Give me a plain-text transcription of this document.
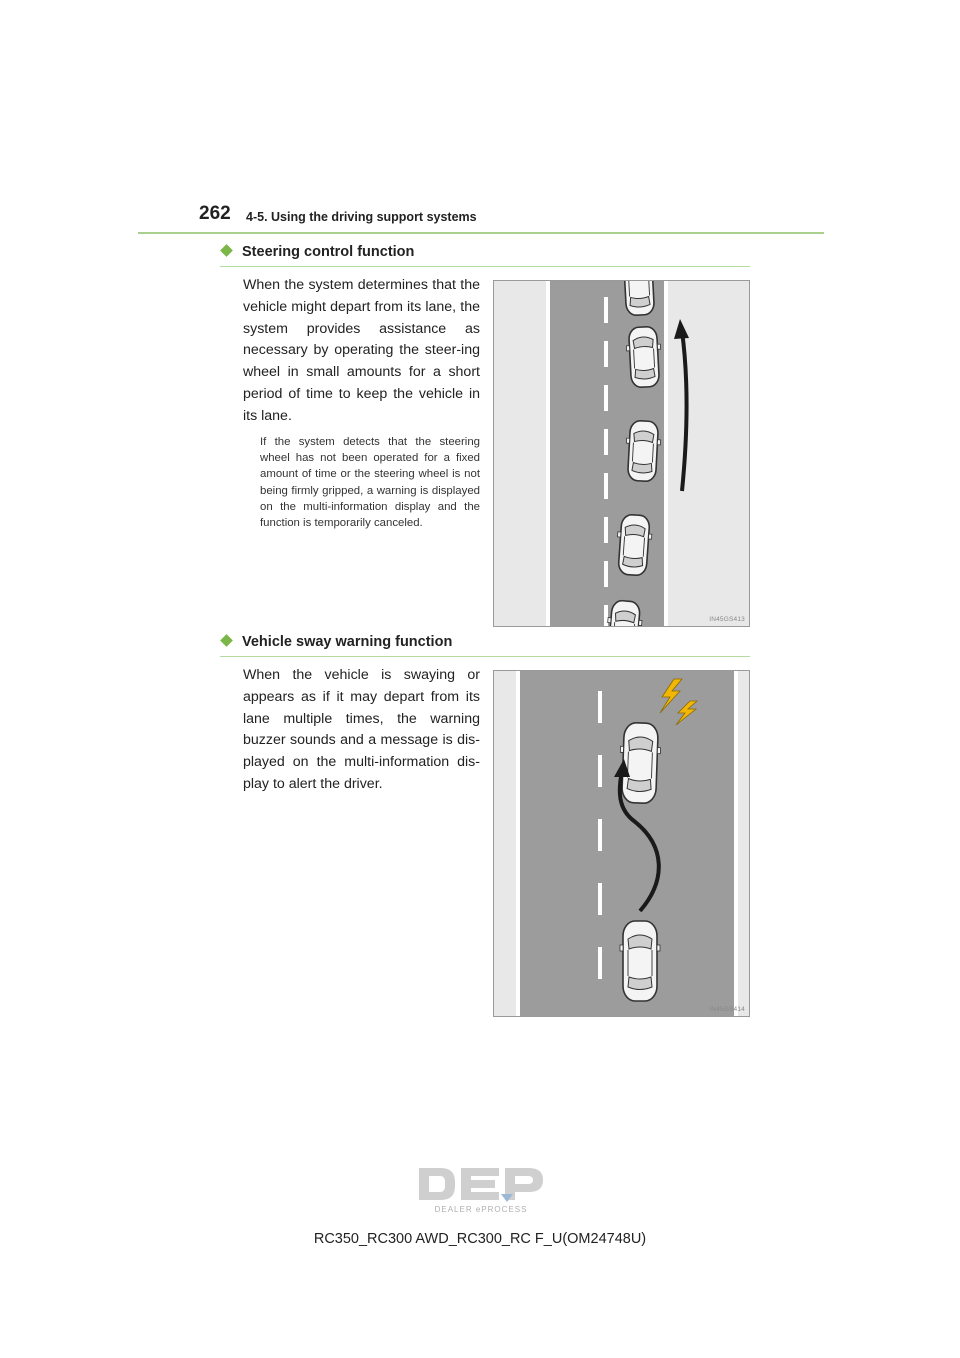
262 4-5. Using the driving support systems
Steering control function

When the system determines that the vehicle might depart from its lane, the system provides assistance as necessary by operating the steer-ing wheel in small amounts for a short period of time to keep the vehicle in its lane.

If the system detects that the steering wheel has not been operated for a fixed amount of time or the steering wheel is not being firmly gripped, a warning is displayed on the multi-information display and the function is temporarily canceled.

IN45GS413
Vehicle sway warning function

When the vehicle is swaying or appears as if it may depart from its lane multiple times, the warning buzzer sounds and a message is dis-played on the multi-information dis-play to alert the driver.

IN45GS414
DEALER ePROCESS
RC350_RC300 AWD_RC300_RC F_U(OM24748U)
